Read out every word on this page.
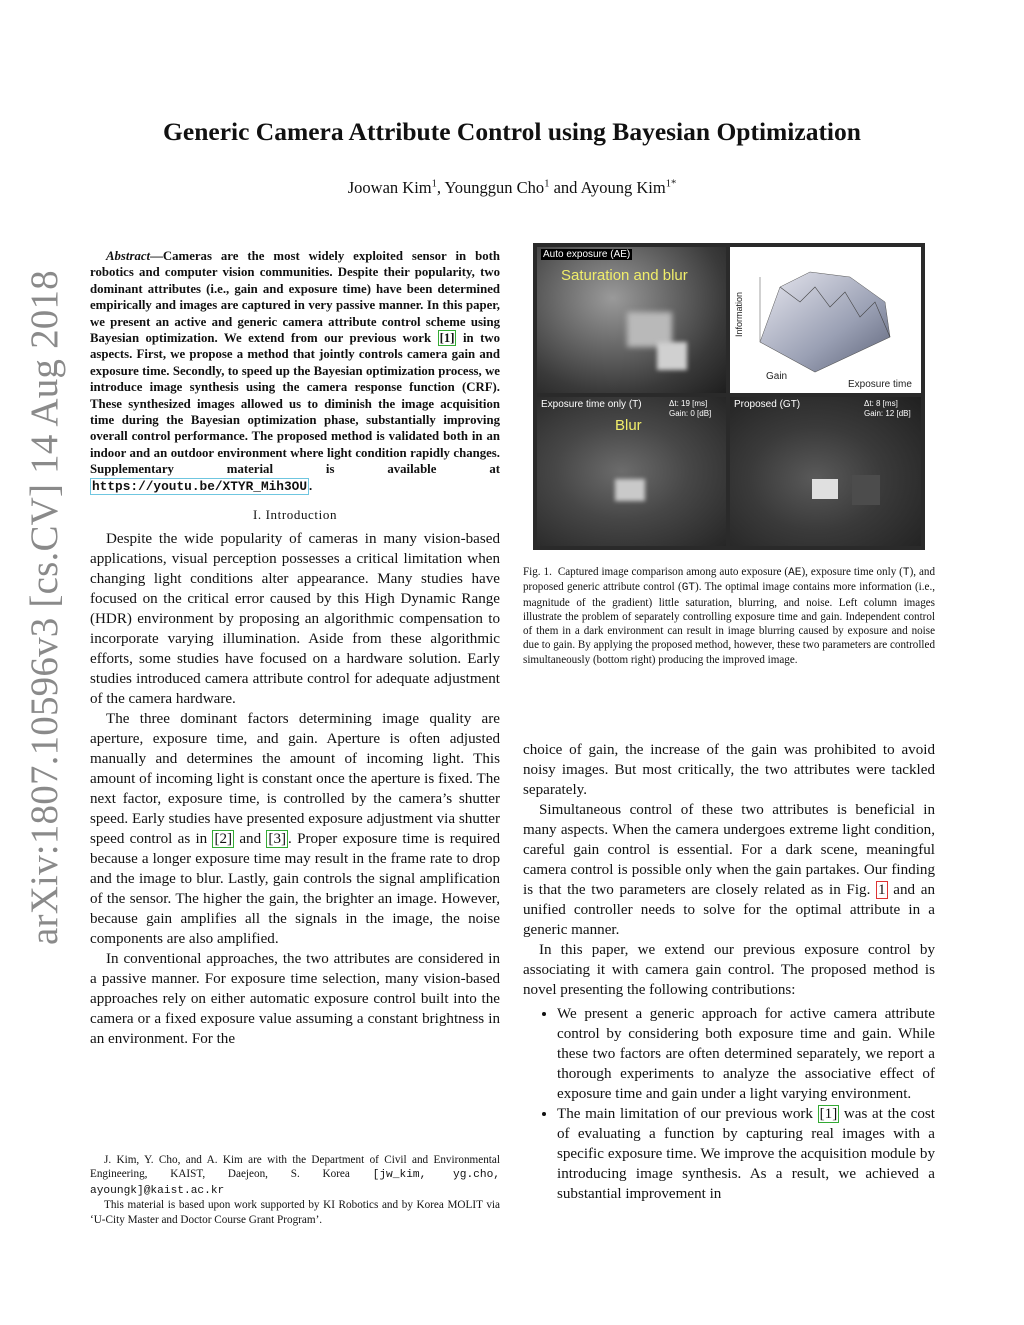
arXiv:1807.10596v3 [cs.CV] 14 Aug 2018
Generic Camera Attribute Control using Bayesian Optimization
Joowan Kim$^1$, Younggun Cho$^1$ and Ayoung Kim$^{1*}$

Abstract—Cameras are the most widely exploited sensor in both robotics and computer vision communities. Despite their popularity, two dominant attributes (i.e., gain and exposure time) have been determined empirically and images are captured in very passive manner. In this paper, we present an active and generic camera attribute control scheme using Bayesian optimization. We extend from our previous work [1] in two aspects. First, we propose a method that jointly controls camera gain and exposure time. Secondly, to speed up the Bayesian optimization process, we introduce image synthesis using the camera response function (CRF). These synthesized images allowed us to diminish the image acquisition time during the Bayesian optimization phase, substantially improving overall control performance. The proposed method is validated both in an indoor and an outdoor environment where light condition rapidly changes. Supplementary material is available at https://youtu.be/XTYR_Mih3OU .

I. Introduction

Despite the wide popularity of cameras in many vision-based applications, visual perception possesses a critical limitation when changing light conditions alter appearance. Many studies have focused on the critical error caused by this High Dynamic Range (HDR) environment by proposing an algorithmic compensation to incorporate varying illumination. Aside from these algorithmic efforts, some studies have focused on a hardware solution. Early studies introduced camera attribute control for adequate adjustment of the camera hardware.

The three dominant factors determining image quality are aperture, exposure time, and gain. Aperture is often adjusted manually and determines the amount of incoming light. This amount of incoming light is constant once the aperture is fixed. The next factor, exposure time, is controlled by the camera’s shutter speed. Early studies have presented exposure adjustment via shutter speed control as in [2] and [3] . Proper exposure time is required because a longer exposure time may result in the frame rate to drop and the image to blur. Lastly, gain controls the signal amplification of the sensor. The higher the gain, the brighter an image. However, because gain amplifies all the signals in the image, the noise components are also amplified.

In conventional approaches, the two attributes are considered in a passive manner. For exposure time selection, many vision-based approaches rely on either automatic exposure control built into the camera or a fixed exposure value assuming a constant brightness in an environment. For the

J. Kim, Y. Cho, and A. Kim are with the Department of Civil and Environmental Engineering, KAIST, Daejeon, S. Korea [jw_kim, yg.cho, ayoungk]@kaist.ac.kr

This material is based upon work supported by KI Robotics and by Korea MOLIT via ‘U-City Master and Doctor Course Grant Program’.

Auto exposure (AE)
Saturation and blur
Information
Gain
Exposure time
Exposure time only (T)
Blur
Δt: 19 [ms]
Gain: 0 [dB]
Proposed (GT)	Δt: 8 [ms]
Gain: 12 [dB]
Fig. 1. Captured image comparison among auto exposure (AE), exposure time only (T), and proposed generic attribute control (GT). The optimal image contains more information (i.e., magnitude of the gradient) little saturation, blurring, and noise. Left column images illustrate the problem of separately controlling exposure time and gain. Independent control of them in a dark environment can result in image blurring caused by exposure and noise due to gain. By applying the proposed method, however, these two parameters are controlled simultaneously (bottom right) producing the improved image.

choice of gain, the increase of the gain was prohibited to avoid noisy images. But most critically, the two attributes were tackled separately.

Simultaneous control of these two attributes is beneficial in many aspects. When the camera undergoes extreme light condition, careful gain control is essential. For a dark scene, meaningful camera control is possible only when the gain partakes. Our finding is that the two parameters are closely related as in Fig. 1 and an unified controller needs to solve for the optimal attribute in a generic manner.

In this paper, we extend our previous exposure control by associating it with camera gain control. The proposed method is novel presenting the following contributions:

• We present a generic approach for active camera attribute control by considering both exposure time and gain. While these two factors are often determined separately, we report a thorough experiments to analyze the associative effect of exposure time and gain under a light varying environment.
• The main limitation of our previous work [1] was at the cost of evaluating a function by capturing real images with a specific exposure time. We improve the acquisition module by introducing image synthesis. As a result, we achieved a substantial improvement in
